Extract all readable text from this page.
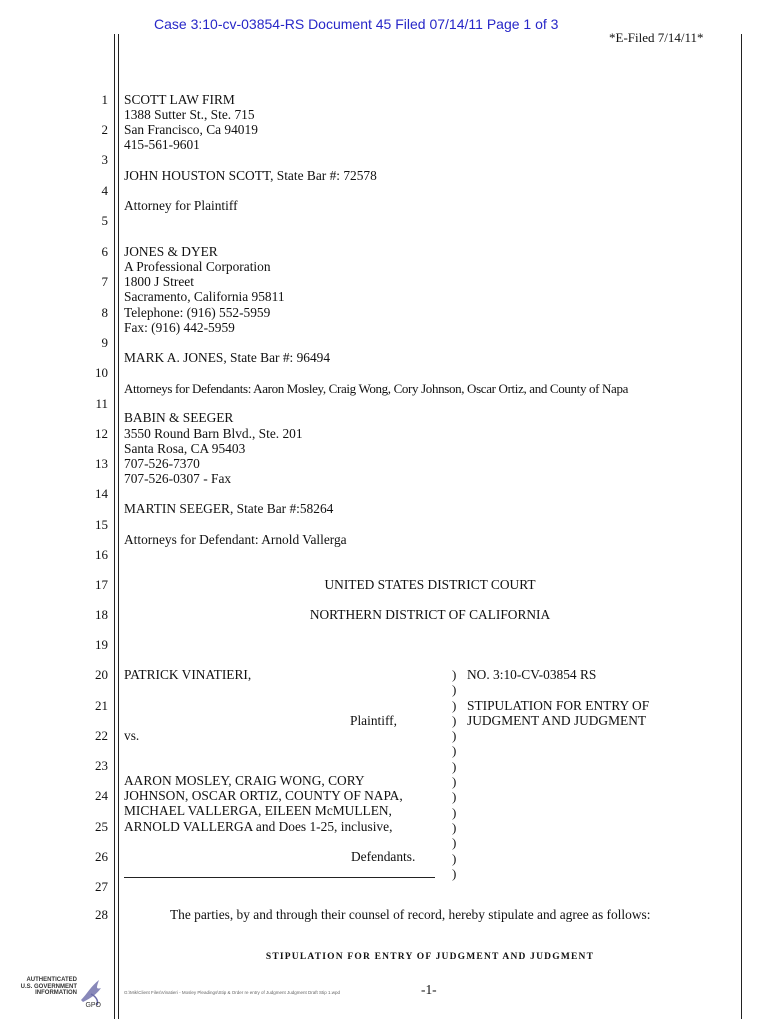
Case 3:10-cv-03854-RS Document 45 Filed 07/14/11 Page 1 of 3
*E-Filed 7/14/11*
1
2
3
4
5
6
7
8
9
10
11
12
13
14
15
16
17
18
19
20
21
22
23
24
25
26
27
28
SCOTT LAW FIRM
1388 Sutter St., Ste. 715
San Francisco, Ca 94019
415-561-9601
JOHN HOUSTON SCOTT, State Bar #: 72578
Attorney for Plaintiff
JONES & DYER
A Professional Corporation
1800 J Street
Sacramento, California 95811
Telephone: (916) 552-5959
Fax: (916) 442-5959
MARK A. JONES, State Bar #: 96494
Attorneys for Defendants: Aaron Mosley, Craig Wong, Cory Johnson, Oscar Ortiz, and County of Napa
BABIN & SEEGER
3550 Round Barn Blvd., Ste. 201
Santa Rosa, CA 95403
707-526-7370
707-526-0307 - Fax
MARTIN SEEGER, State Bar #:58264
Attorneys for Defendant: Arnold Vallerga
UNITED STATES DISTRICT COURT
NORTHERN DISTRICT OF CALIFORNIA
PATRICK VINATIERI,
Plaintiff,
vs.
AARON MOSLEY, CRAIG WONG, CORY
JOHNSON, OSCAR ORTIZ, COUNTY OF NAPA,
MICHAEL VALLERGA, EILEEN McMULLEN,
ARNOLD VALLERGA and Does 1-25, inclusive,
Defendants.
)
)
)
)
)
)
)
)
)
)
)
)
)
)
NO. 3:10-CV-03854 RS
STIPULATION FOR ENTRY OF
JUDGMENT AND JUDGMENT
The parties, by and through their counsel of record, hereby stipulate and agree as follows:
STIPULATION FOR ENTRY OF JUDGMENT AND JUDGMENT
-1-
G:\Mik\Client Files\Vinatieri - Mosley Pleadings\Stip & Order re entry of Judgment Judgment Draft Stip 1.wpd
AUTHENTICATED
U.S. GOVERNMENT
INFORMATION
GPO
